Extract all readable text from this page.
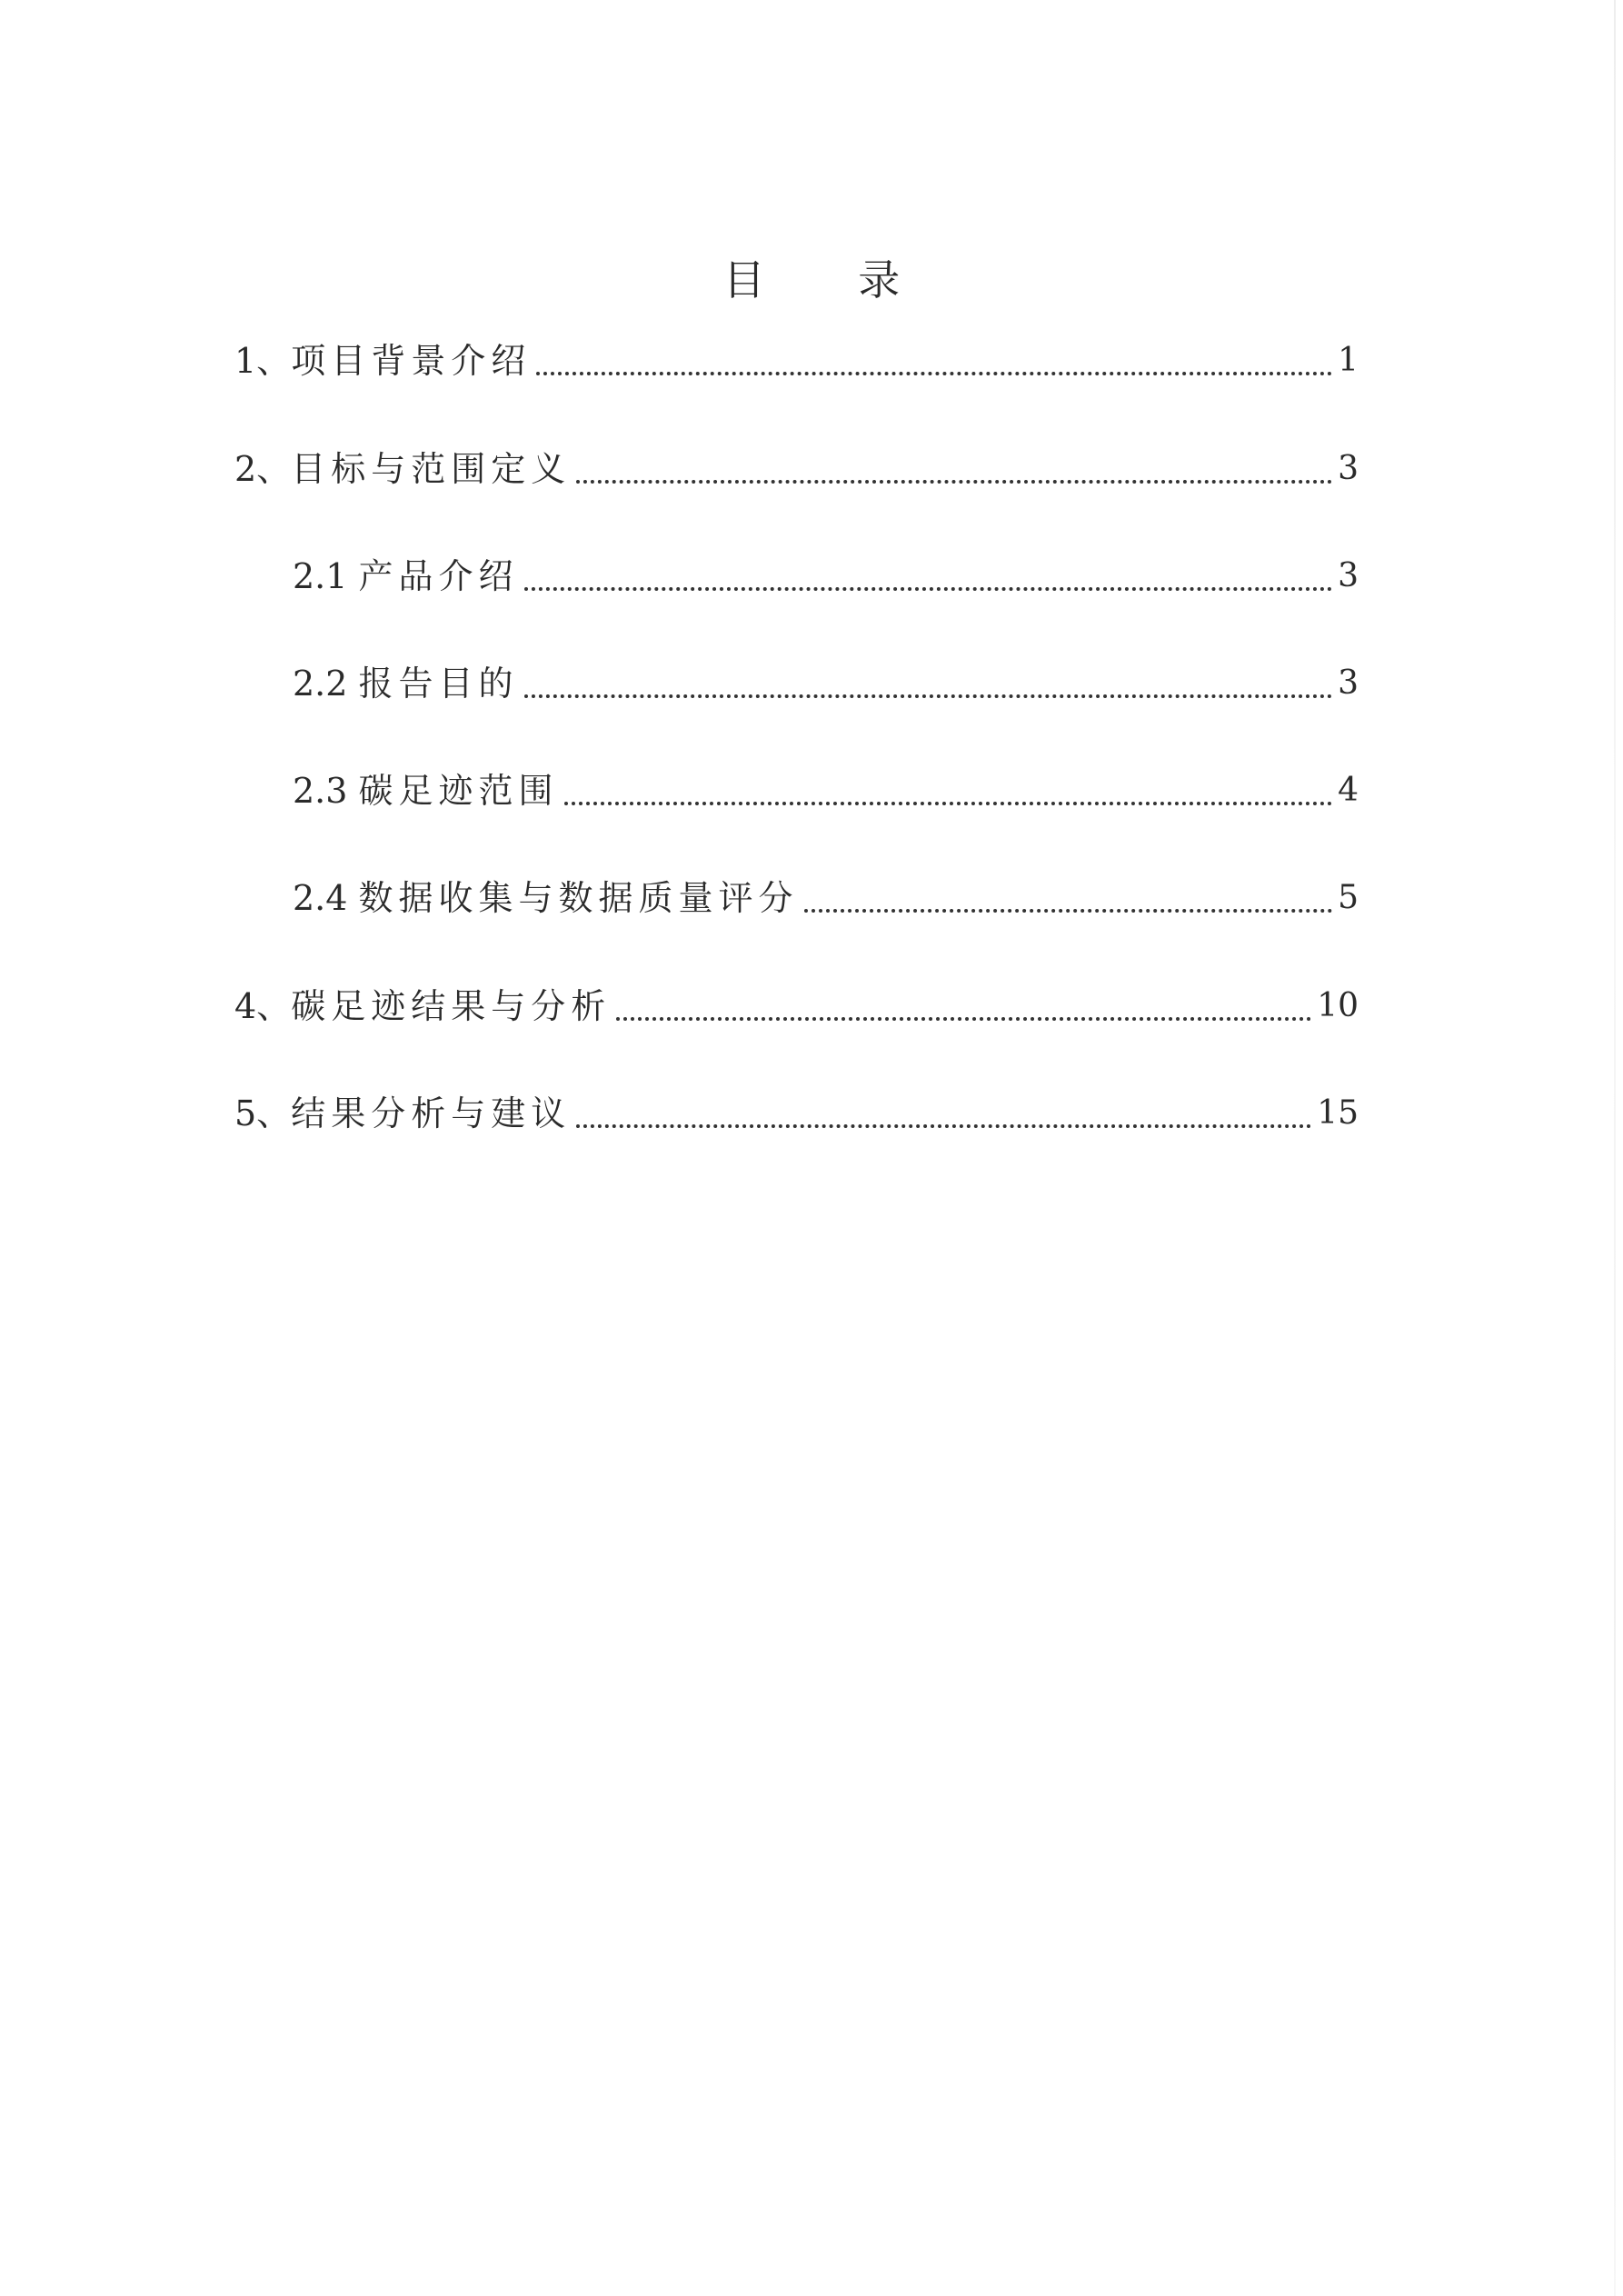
目 录
1、 项目背景介绍	1
2、 目标与范围定义	3
2.1 产品介绍	3
2.2 报告目的	3
2.3 碳足迹范围	4
2.4 数据收集与数据质量评分	5
4、 碳足迹结果与分析	10
5、 结果分析与建议	15
